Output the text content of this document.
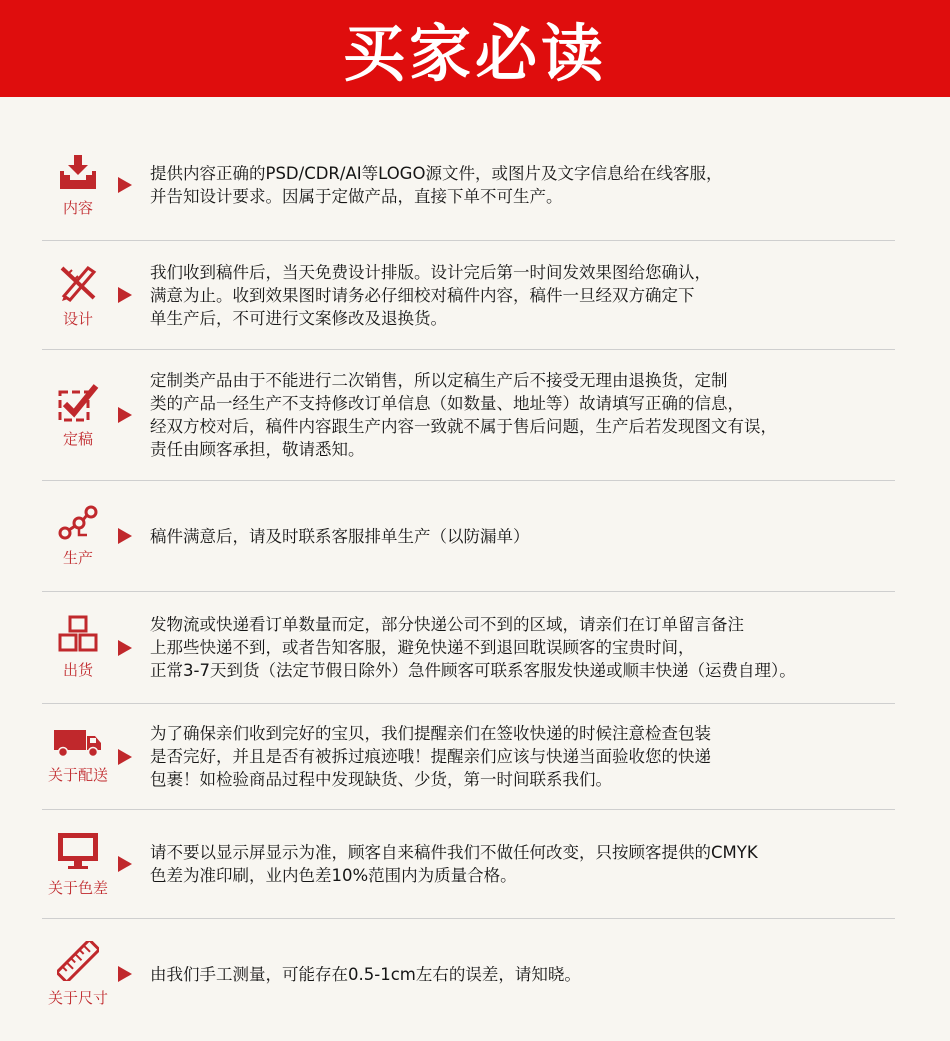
买家必读
内容

提供内容正确的PSD/CDR/AI等LOGO源文件，或图片及文字信息给在线客服，
并告知设计要求。因属于定做产品，直接下单不可生产。

设计

我们收到稿件后，当天免费设计排版。设计完后第一时间发效果图给您确认，
满意为止。收到效果图时请务必仔细校对稿件内容，稿件一旦经双方确定下
单生产后，不可进行文案修改及退换货。

定稿

定制类产品由于不能进行二次销售，所以定稿生产后不接受无理由退换货，定制
类的产品一经生产不支持修改订单信息（如数量、地址等）故请填写正确的信息，
经双方校对后，稿件内容跟生产内容一致就不属于售后问题，生产后若发现图文有误，
责任由顾客承担，敬请悉知。

生产

稿件满意后，请及时联系客服排单生产（以防漏单）

出货

发物流或快递看订单数量而定，部分快递公司不到的区域，请亲们在订单留言备注
上那些快递不到，或者告知客服，避免快递不到退回耽误顾客的宝贵时间，
正常3-7天到货（法定节假日除外）急件顾客可联系客服发快递或顺丰快递（运费自理）。

关于配送

为了确保亲们收到完好的宝贝，我们提醒亲们在签收快递的时候注意检查包装
是否完好，并且是否有被拆过痕迹哦！提醒亲们应该与快递当面验收您的快递
包裹！如检验商品过程中发现缺货、少货，第一时间联系我们。

关于色差

请不要以显示屏显示为准，顾客自来稿件我们不做任何改变，只按顾客提供的CMYK
色差为准印刷，业内色差10%范围内为质量合格。

关于尺寸

由我们手工测量，可能存在0.5-1cm左右的误差，请知晓。
